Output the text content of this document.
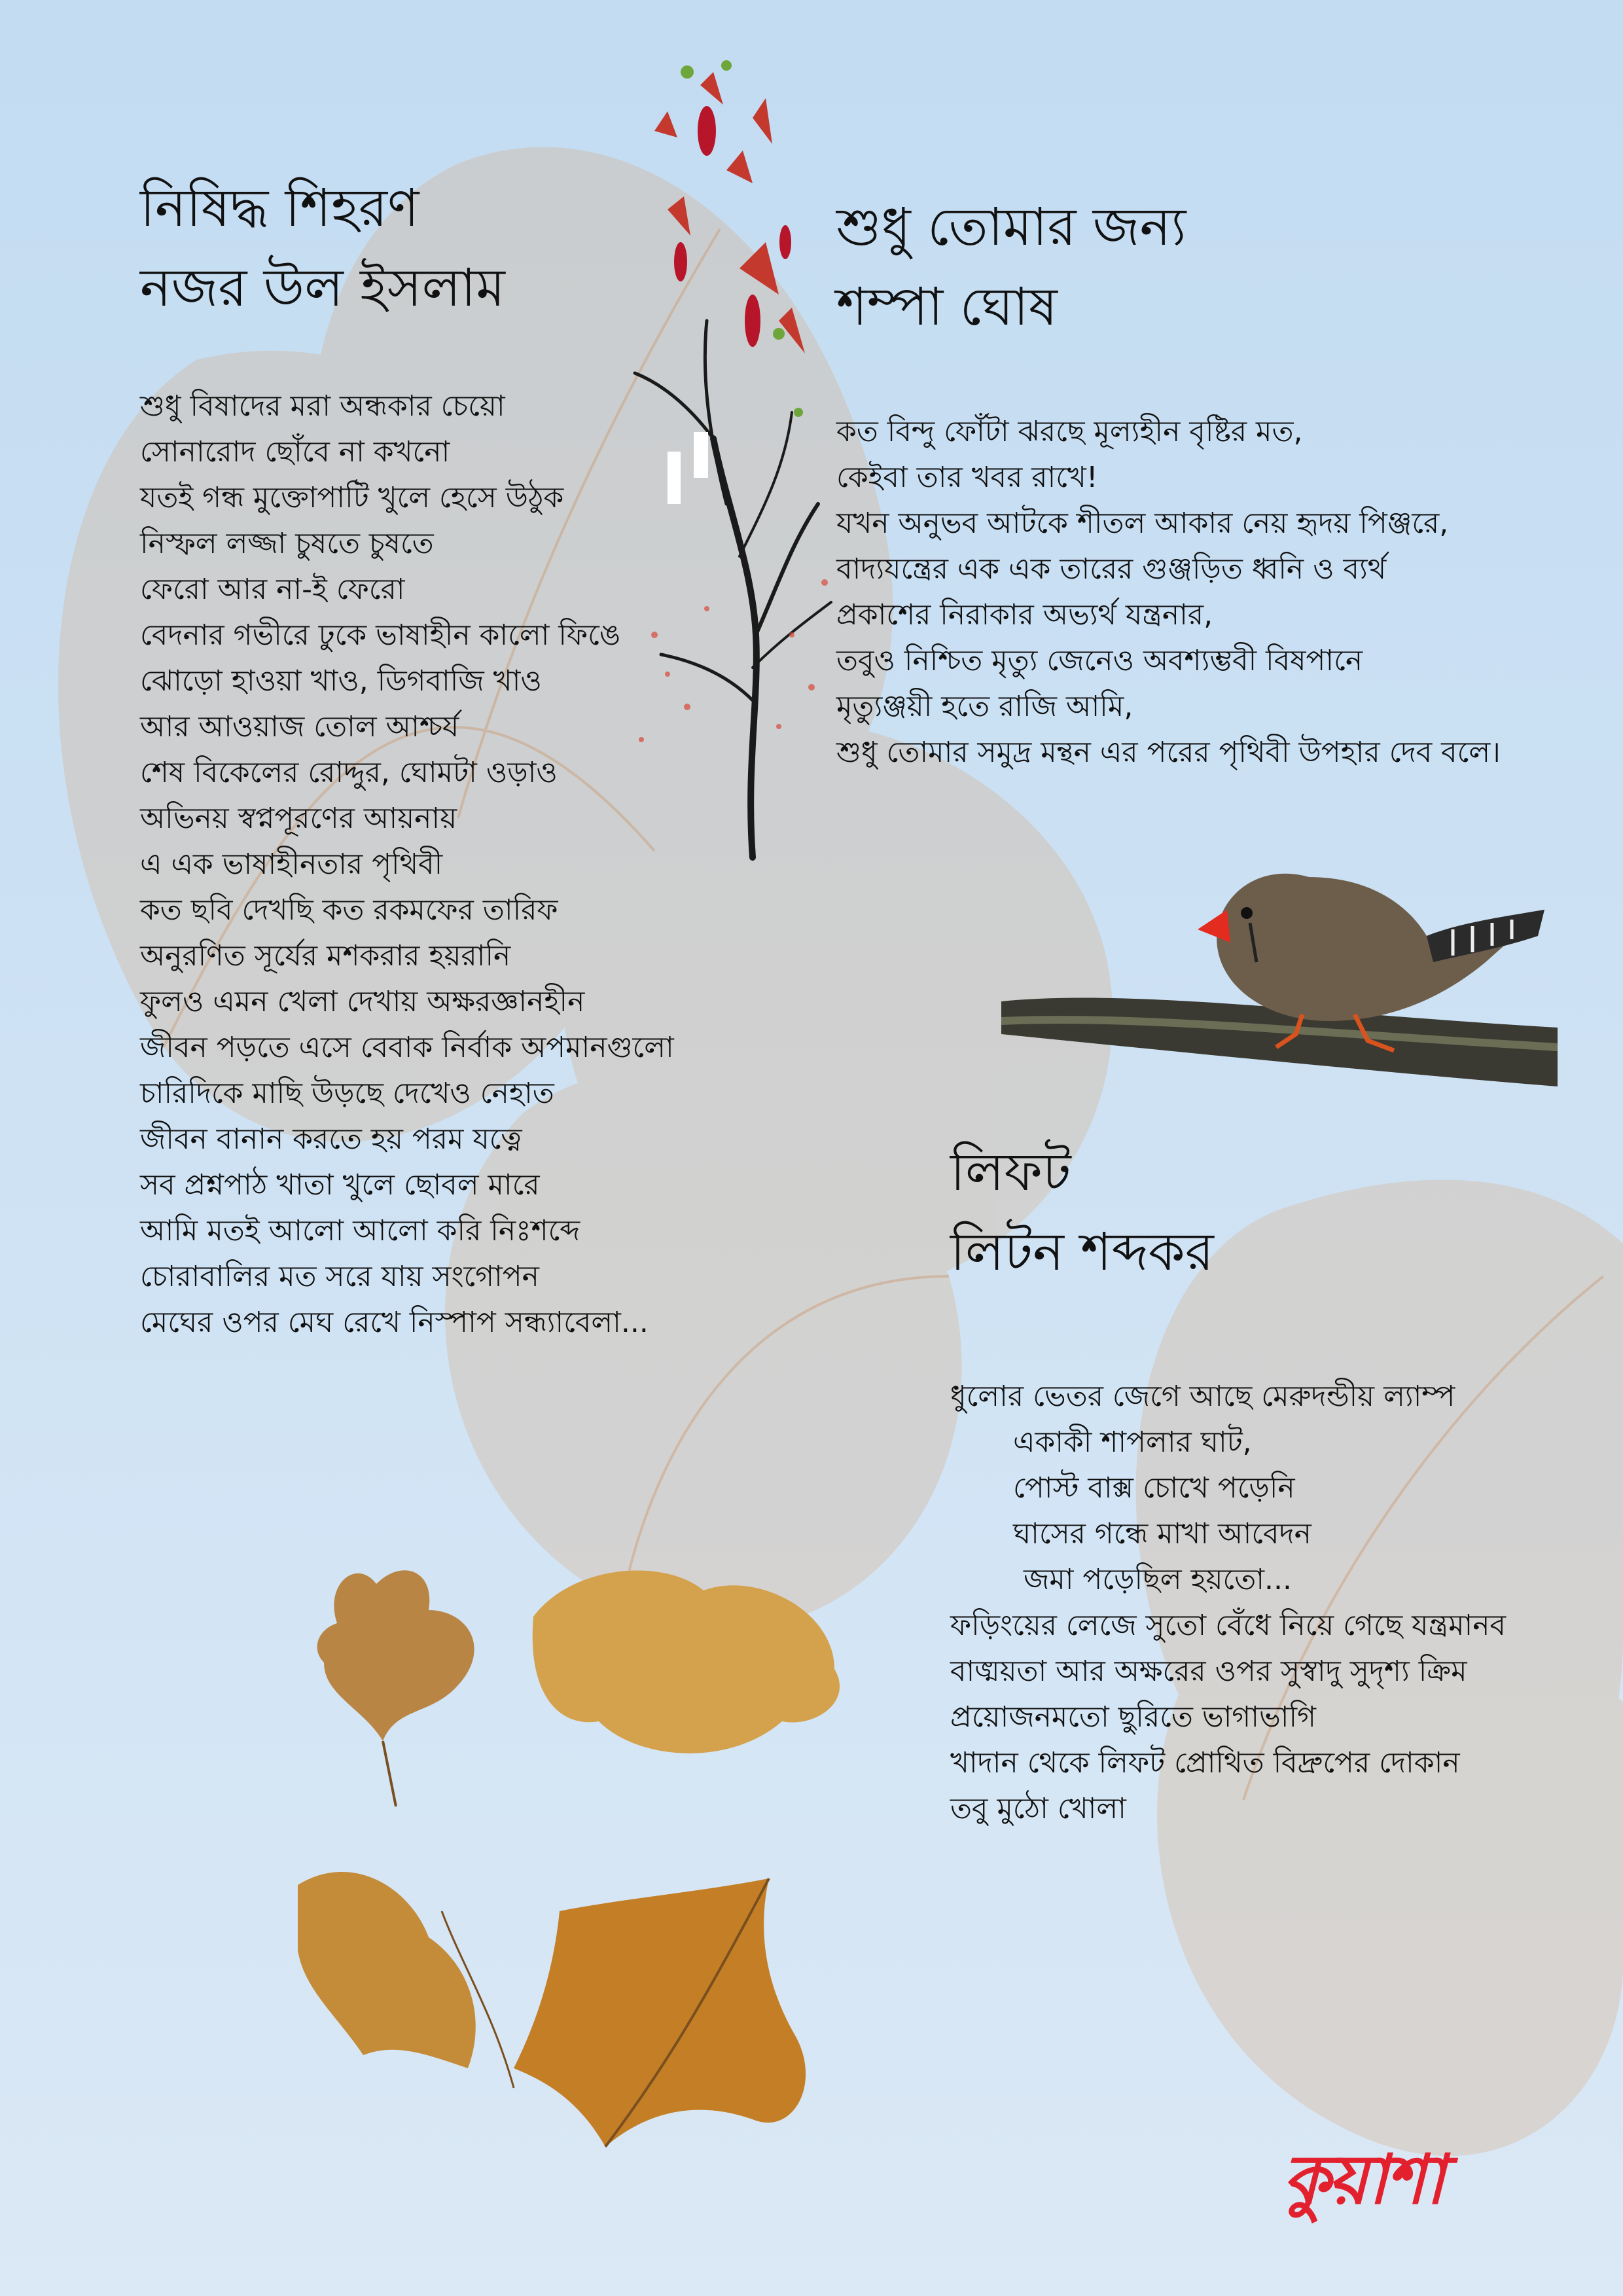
নিষিদ্ধ শিহরণ
নজর উল ইসলাম
শুধু বিষাদের মরা অন্ধকার চেয়ো
সোনারোদ ছোঁবে না কখনো
যতই গন্ধ মুক্তোপাটি খুলে হেসে উঠুক
নিস্ফল লজ্জা চুষতে চুষতে
ফেরো আর না-ই ফেরো
বেদনার গভীরে ঢুকে ভাষাহীন কালো ফিঙে
ঝোড়ো হাওয়া খাও, ডিগবাজি খাও
আর আওয়াজ তোল আশ্চর্য
শেষ বিকেলের রোদ্দুর, ঘোমটা ওড়াও
অভিনয় স্বপ্নপূরণের আয়নায়
এ এক ভাষাহীনতার পৃথিবী
কত ছবি দেখছি কত রকমফের তারিফ
অনুরণিত সূর্যের মশকরার হয়রানি
ফুলও এমন খেলা দেখায় অক্ষরজ্ঞানহীন
জীবন পড়তে এসে বেবাক নির্বাক অপমানগুলো
চারিদিকে মাছি উড়ছে দেখেও নেহাত
জীবন বানান করতে হয় পরম যত্নে
সব প্রশ্নপাঠ খাতা খুলে ছোবল মারে
আমি মতই আলো আলো করি নিঃশব্দে
চোরাবালির মত সরে যায় সংগোপন
মেঘের ওপর মেঘ রেখে নিস্পাপ সন্ধ্যাবেলা...
শুধু তোমার জন্য
শম্পা ঘোষ
কত বিন্দু ফোঁটা ঝরছে মূল্যহীন বৃষ্টির মত,
কেইবা তার খবর রাখে!
যখন অনুভব আটকে শীতল আকার নেয় হৃদয় পিঞ্জরে,
বাদ্যযন্ত্রের এক এক তারের গুঞ্জড়িত ধ্বনি ও ব্যর্থ
প্রকাশের নিরাকার অভ্যর্থ যন্ত্রনার,
তবুও নিশ্চিত মৃত্যু জেনেও অবশ্যম্ভবী বিষপানে
মৃত্যুঞ্জয়ী হতে রাজি আমি,
শুধু তোমার সমুদ্র মন্থন এর পরের পৃথিবী উপহার দেব বলে।
লিফট
লিটন শব্দকর
ধুলোর ভেতর জেগে আছে মেরুদন্ডীয় ল্যাম্প
একাকী শাপলার ঘাট,
পোস্ট বাক্স চোখে পড়েনি
ঘাসের গন্ধে মাখা আবেদন
জমা পড়েছিল হয়তো...
ফড়িংয়ের লেজে সুতো বেঁধে নিয়ে গেছে যন্ত্রমানব
বাঙ্ময়তা আর অক্ষরের ওপর সুস্বাদু সুদৃশ্য ক্রিম
প্রয়োজনমতো ছুরিতে ভাগাভাগি
খাদান থেকে লিফট প্রোথিত বিদ্রুপের দোকান
তবু মুঠো খোলা
কুয়াশা
